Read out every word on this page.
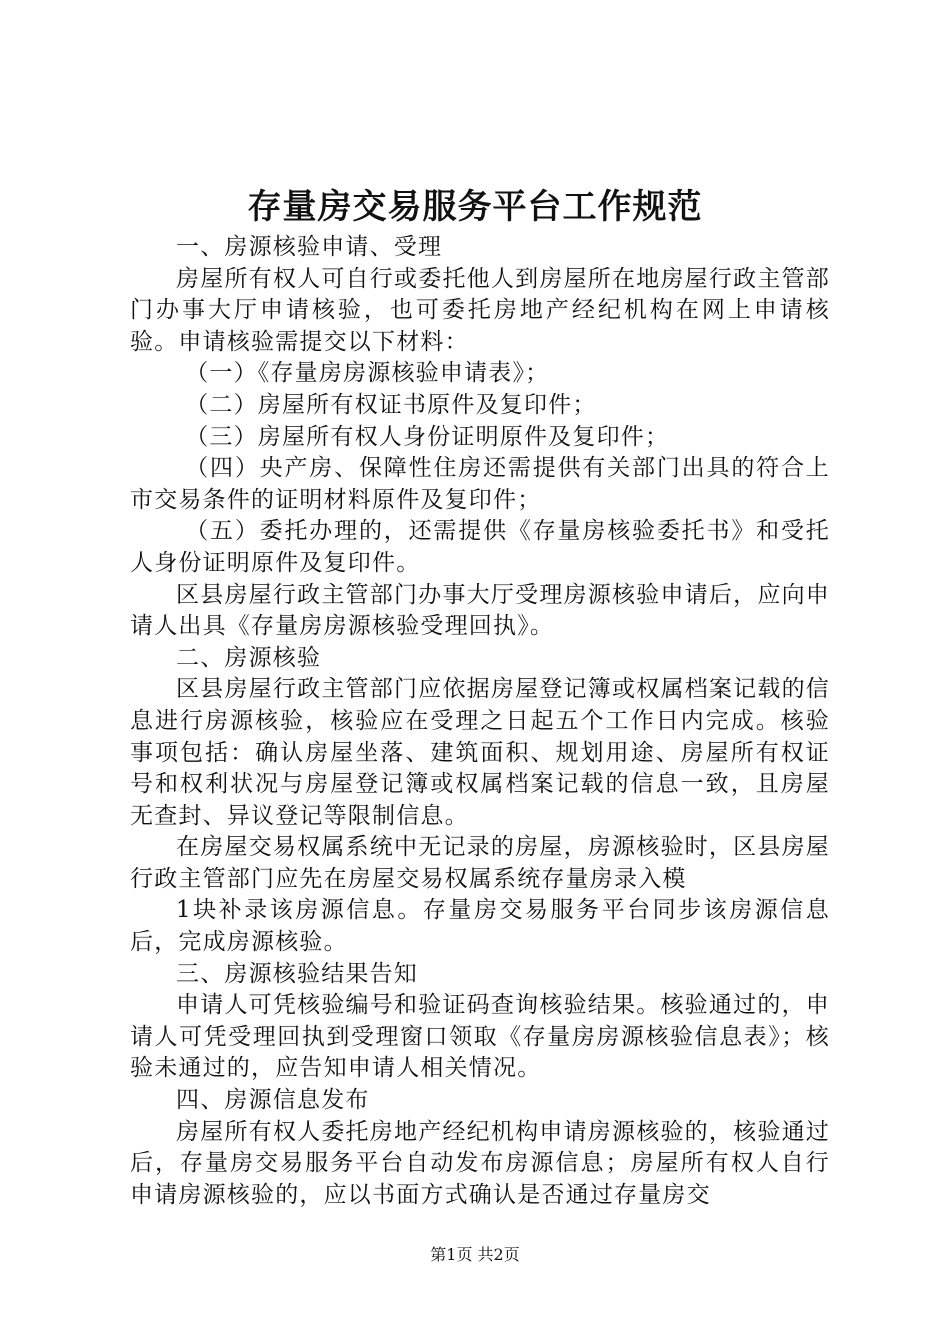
存量房交易服务平台工作规范

一、房源核验申请、受理

房屋所有权人可自行或委托他人到房屋所在地房屋行政主管部门办事大厅申请核验，也可委托房地产经纪机构在网上申请核验。申请核验需提交以下材料：

（一）《存量房房源核验申请表》；

（二）房屋所有权证书原件及复印件；

（三）房屋所有权人身份证明原件及复印件；

（四）央产房、保障性住房还需提供有关部门出具的符合上市交易条件的证明材料原件及复印件；

（五）委托办理的，还需提供《存量房核验委托书》和受托人身份证明原件及复印件。

区县房屋行政主管部门办事大厅受理房源核验申请后，应向申请人出具《存量房房源核验受理回执》。

二、房源核验

区县房屋行政主管部门应依据房屋登记簿或权属档案记载的信息进行房源核验，核验应在受理之日起五个工作日内完成。核验事项包括：确认房屋坐落、建筑面积、规划用途、房屋所有权证号和权利状况与房屋登记簿或权属档案记载的信息一致，且房屋无查封、异议登记等限制信息。

在房屋交易权属系统中无记录的房屋，房源核验时，区县房屋行政主管部门应先在房屋交易权属系统存量房录入模

1块补录该房源信息。存量房交易服务平台同步该房源信息后，完成房源核验。

三、房源核验结果告知

申请人可凭核验编号和验证码查询核验结果。核验通过的，申请人可凭受理回执到受理窗口领取《存量房房源核验信息表》；核验未通过的，应告知申请人相关情况。

四、房源信息发布

房屋所有权人委托房地产经纪机构申请房源核验的，核验通过后，存量房交易服务平台自动发布房源信息；房屋所有权人自行申请房源核验的，应以书面方式确认是否通过存量房交

第1页 共2页
